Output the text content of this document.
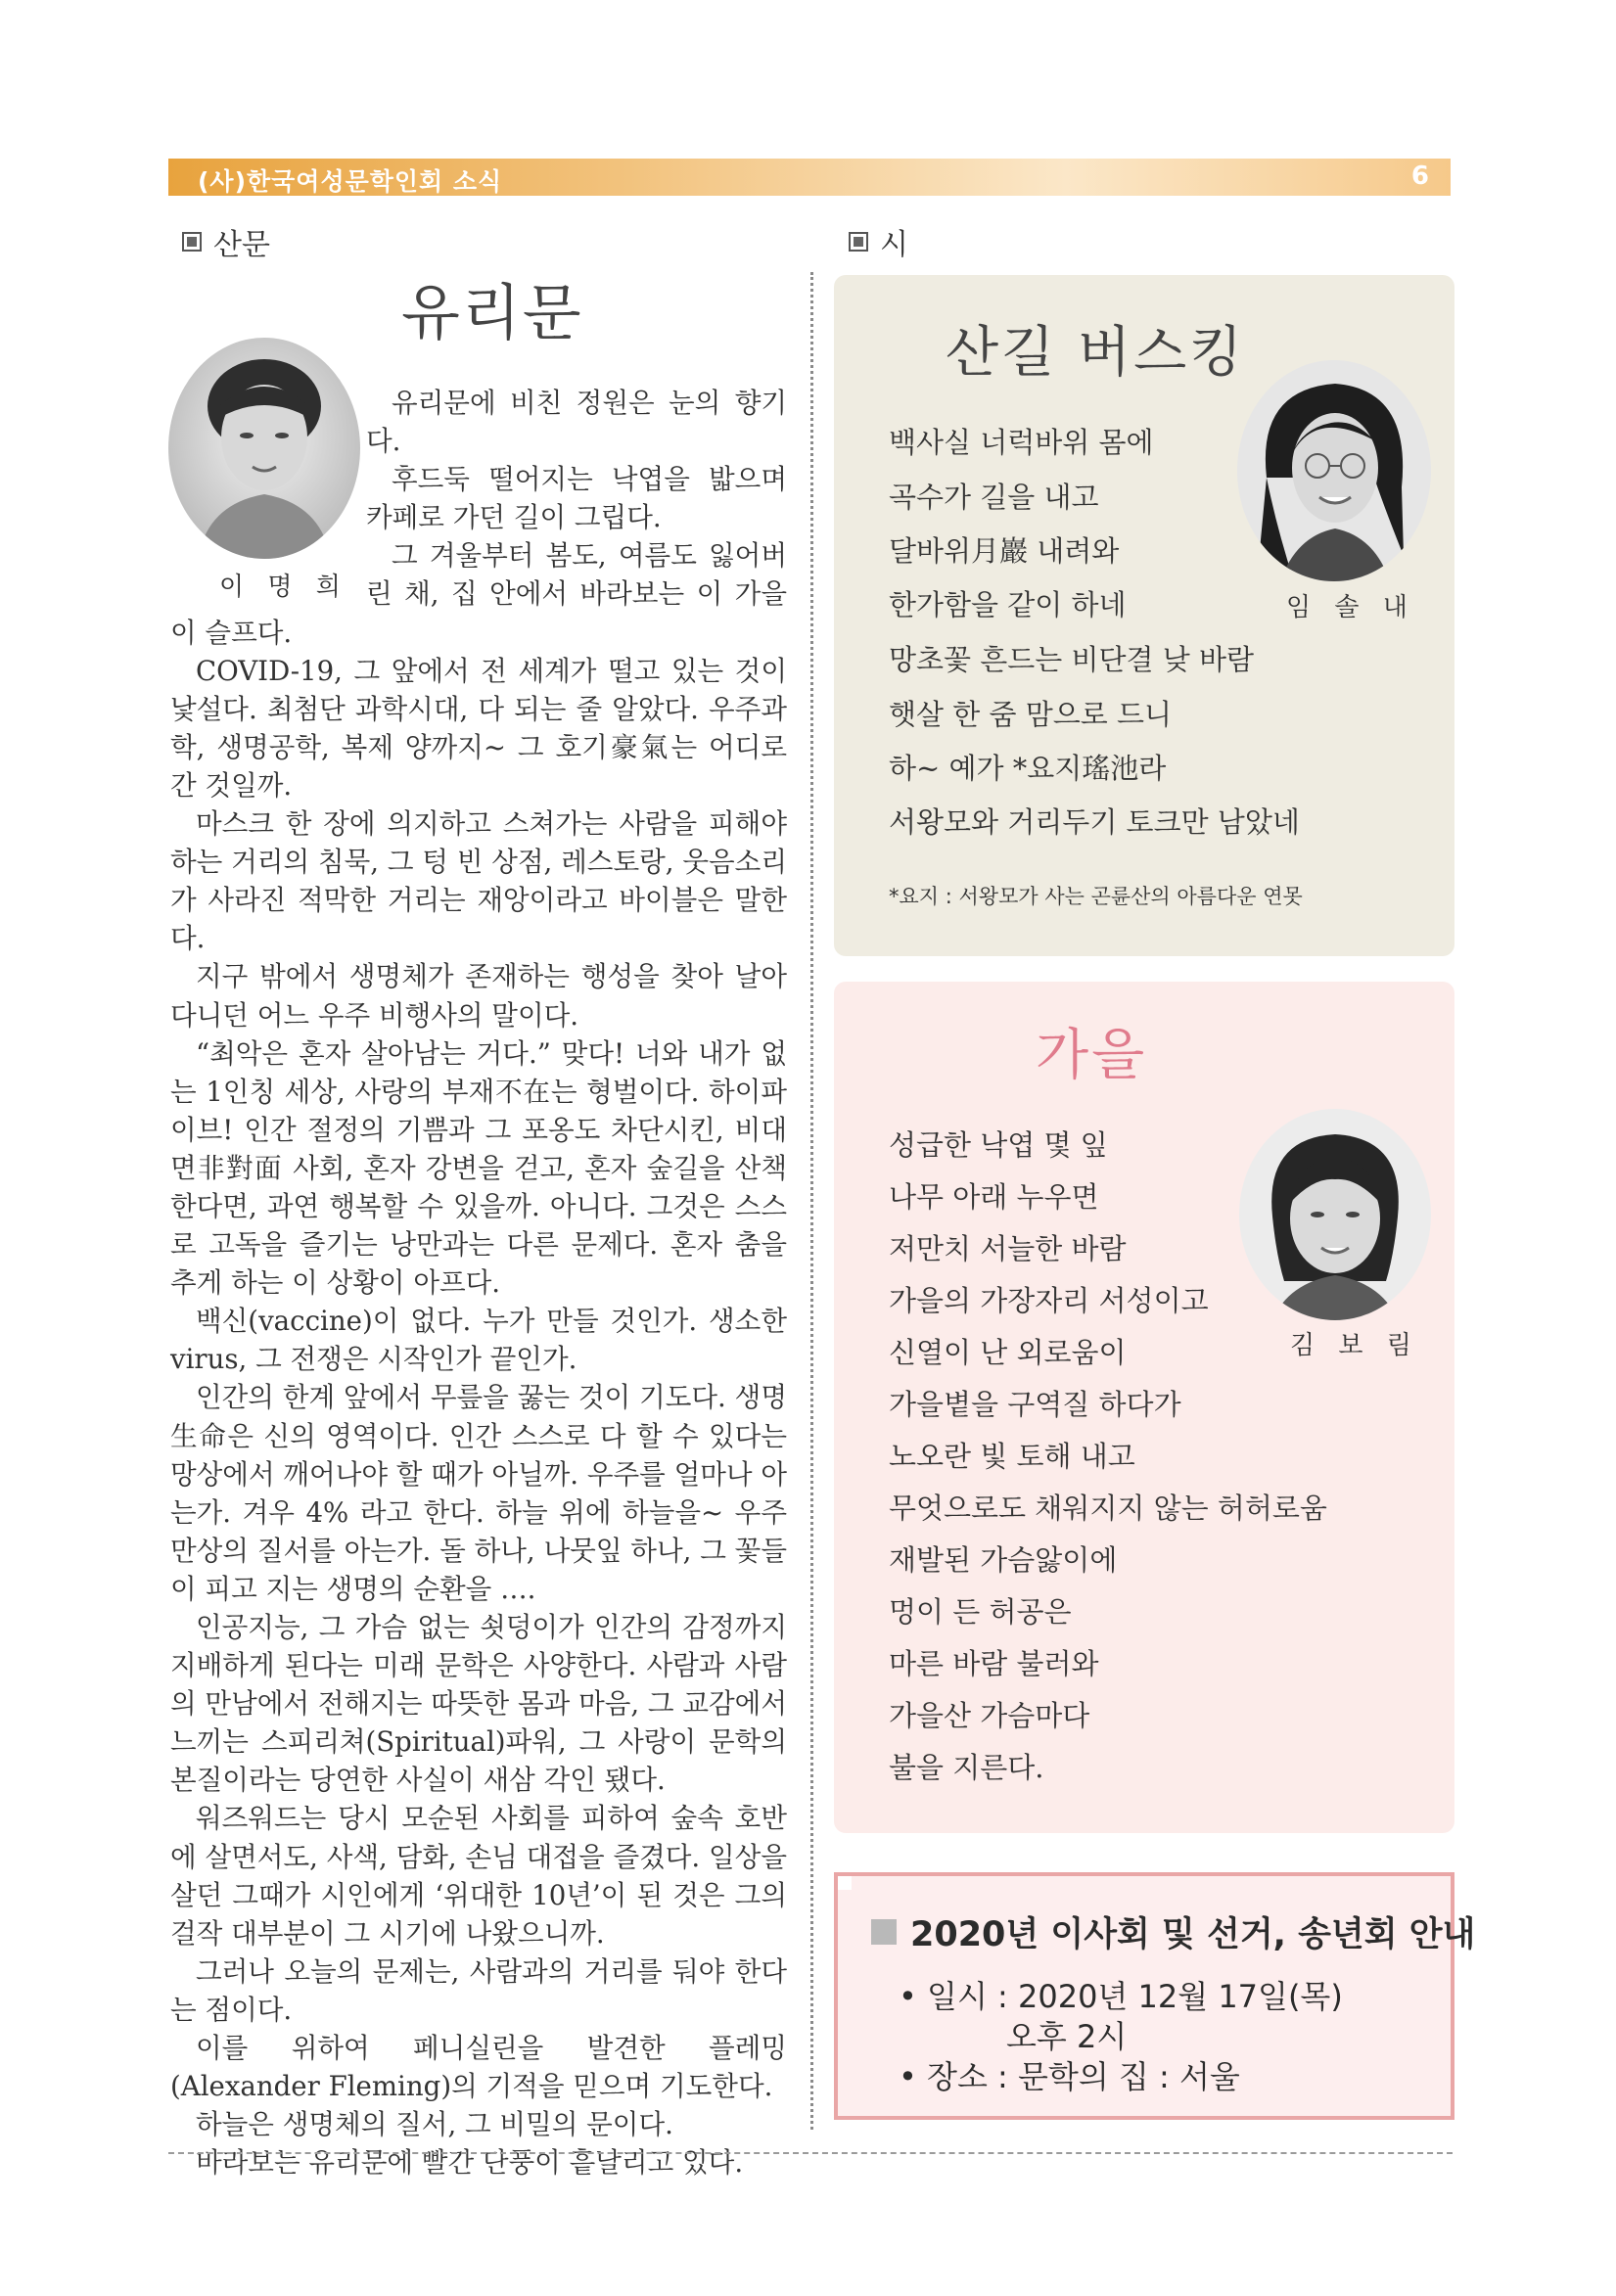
(사)한국여성문학인회 소식	6
산문
유리문
이 명 희

유리문에 비친 정원은 눈의 향기다.

후드둑 떨어지는 낙엽을 밟으며 카페로 가던 길이 그립다.

그 겨울부터 봄도, 여름도 잃어버린 채, 집 안에서 바라보는 이 가을이 슬프다.

COVID-19, 그 앞에서 전 세계가 떨고 있는 것이 낯설다. 최첨단 과학시대, 다 되는 줄 알았다. 우주과학, 생명공학, 복제 양까지~ 그 호기豪氣는 어디로 간 것일까.

마스크 한 장에 의지하고 스쳐가는 사람을 피해야 하는 거리의 침묵, 그 텅 빈 상점, 레스토랑, 웃음소리가 사라진 적막한 거리는 재앙이라고 바이블은 말한다.

지구 밖에서 생명체가 존재하는 행성을 찾아 날아다니던 어느 우주 비행사의 말이다.

“최악은 혼자 살아남는 거다.” 맞다! 너와 내가 없는 1인칭 세상, 사랑의 부재不在는 형벌이다. 하이파이브! 인간 절정의 기쁨과 그 포옹도 차단시킨, 비대면非對面 사회, 혼자 강변을 걷고, 혼자 숲길을 산책한다면, 과연 행복할 수 있을까. 아니다. 그것은 스스로 고독을 즐기는 낭만과는 다른 문제다. 혼자 춤을 추게 하는 이 상황이 아프다.

백신(vaccine)이 없다. 누가 만들 것인가. 생소한 virus, 그 전쟁은 시작인가 끝인가.

인간의 한계 앞에서 무릎을 꿇는 것이 기도다. 생명生命은 신의 영역이다. 인간 스스로 다 할 수 있다는 망상에서 깨어나야 할 때가 아닐까. 우주를 얼마나 아는가. 겨우 4% 라고 한다. 하늘 위에 하늘을~ 우주 만상의 질서를 아는가. 돌 하나, 나뭇잎 하나, 그 꽃들이 피고 지는 생명의 순환을 ….

인공지능, 그 가슴 없는 쇳덩이가 인간의 감정까지 지배하게 된다는 미래 문학은 사양한다. 사람과 사람의 만남에서 전해지는 따뜻한 몸과 마음, 그 교감에서 느끼는 스피리쳐(Spiritual)파워, 그 사랑이 문학의 본질이라는 당연한 사실이 새삼 각인 됐다.

워즈워드는 당시 모순된 사회를 피하여 숲속 호반에 살면서도, 사색, 담화, 손님 대접을 즐겼다. 일상을 살던 그때가 시인에게 ‘위대한 10년’이 된 것은 그의 걸작 대부분이 그 시기에 나왔으니까.

그러나 오늘의 문제는, 사람과의 거리를 둬야 한다는 점이다.

이를 위하여 페니실린을 발견한 플레밍(Alexander Fleming)의 기적을 믿으며 기도한다.

하늘은 생명체의 질서, 그 비밀의 문이다.

바라보는 유리문에 빨간 단풍이 흩날리고 있다.

시
산길 버스킹
임 솔 내
*요지 : 서왕모가 사는 곤륜산의 아름다운 연못
가을
김 보 림
2020년 이사회 및 선거, 송년회 안내
• 일시 : 2020년 12월 17일(목)
오후 2시
• 장소 : 문학의 집 : 서울
